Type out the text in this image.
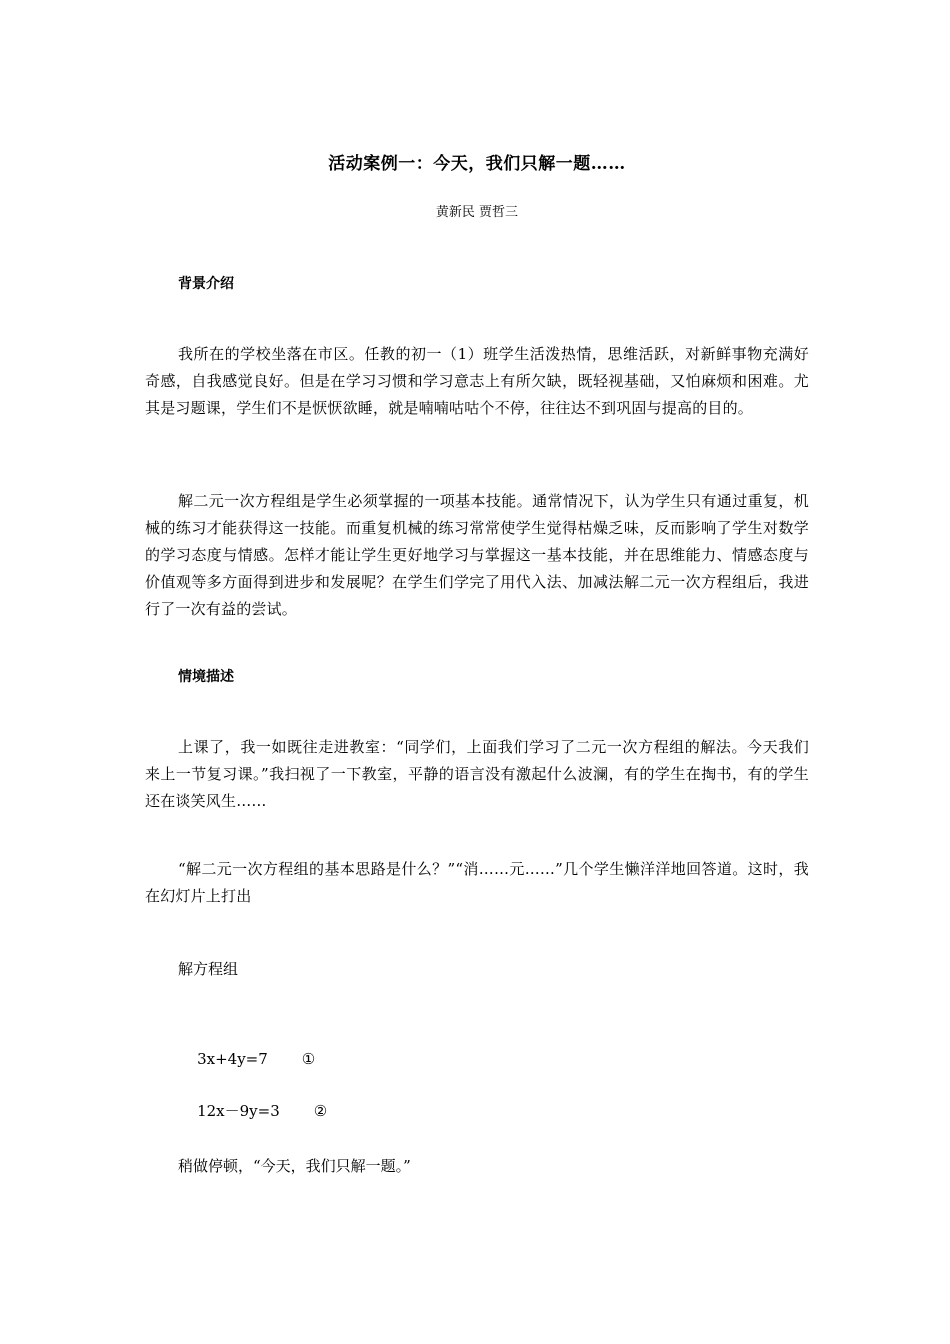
活动案例一：今天，我们只解一题……
黄新民 贾哲三
背景介绍
我所在的学校坐落在市区。任教的初一（1）班学生活泼热情，思维活跃，对新鲜事物充满好奇感，自我感觉良好。但是在学习习惯和学习意志上有所欠缺，既轻视基础，又怕麻烦和困难。尤其是习题课，学生们不是恹恹欲睡，就是喃喃咕咕个不停，往往达不到巩固与提高的目的。
解二元一次方程组是学生必须掌握的一项基本技能。通常情况下，认为学生只有通过重复，机械的练习才能获得这一技能。而重复机械的练习常常使学生觉得枯燥乏味，反而影响了学生对数学的学习态度与情感。怎样才能让学生更好地学习与掌握这一基本技能，并在思维能力、情感态度与价值观等多方面得到进步和发展呢？在学生们学完了用代入法、加减法解二元一次方程组后，我进行了一次有益的尝试。
情境描述
上课了，我一如既往走进教室：“同学们，上面我们学习了二元一次方程组的解法。今天我们来上一节复习课。”我扫视了一下教室，平静的语言没有激起什么波澜，有的学生在掏书，有的学生还在谈笑风生……
“解二元一次方程组的基本思路是什么？”“消……元……”几个学生懒洋洋地回答道。这时，我在幻灯片上打出
解方程组

3x+4y=7 ①

12x－9y=3 ②

稍做停顿，“今天，我们只解一题。”
